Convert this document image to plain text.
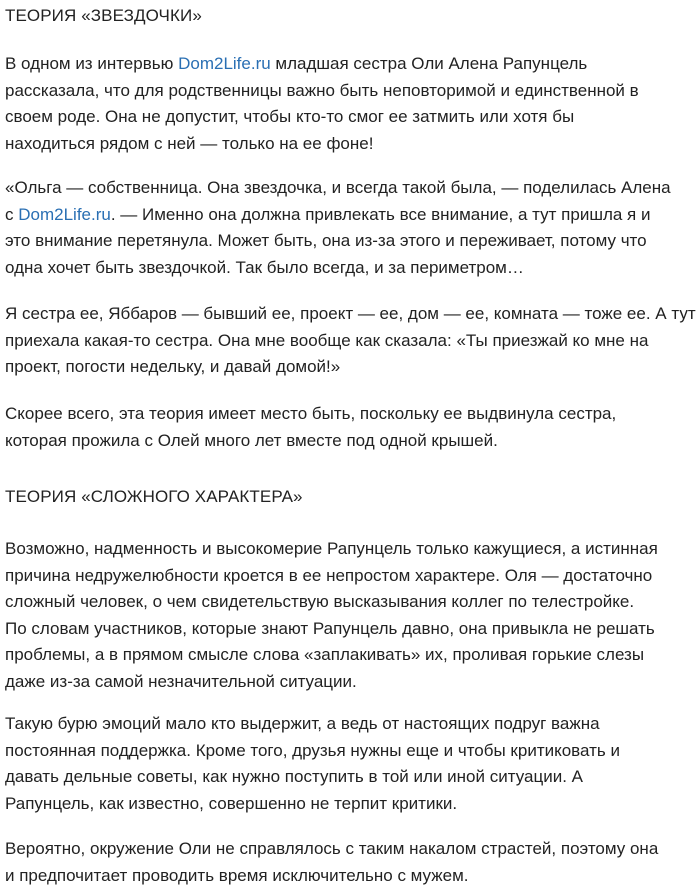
ТЕОРИЯ «ЗВЕЗДОЧКИ»

В одном из интервью Dom2Life.ru младшая сестра Оли Алена Рапунцель
рассказала, что для родственницы важно быть неповторимой и единственной в
своем роде. Она не допустит, чтобы кто-то смог ее затмить или хотя бы
находиться рядом с ней — только на ее фоне!

«Ольга — собственница. Она звездочка, и всегда такой была, — поделилась Алена
с Dom2Life.ru. — Именно она должна привлекать все внимание, а тут пришла я и
это внимание перетянула. Может быть, она из-за этого и переживает, потому что
одна хочет быть звездочкой. Так было всегда, и за периметром…

Я сестра ее, Яббаров — бывший ее, проект — ее, дом — ее, комната — тоже ее. А тут
приехала какая-то сестра. Она мне вообще как сказала: «Ты приезжай ко мне на
проект, погости недельку, и давай домой!»

Скорее всего, эта теория имеет место быть, поскольку ее выдвинула сестра,
которая прожила с Олей много лет вместе под одной крышей.

ТЕОРИЯ «СЛОЖНОГО ХАРАКТЕРА»

Возможно, надменность и высокомерие Рапунцель только кажущиеся, а истинная
причина недружелюбности кроется в ее непростом характере. Оля — достаточно
сложный человек, о чем свидетельствую высказывания коллег по телестройке.
По словам участников, которые знают Рапунцель давно, она привыкла не решать
проблемы, а в прямом смысле слова «заплакивать» их, проливая горькие слезы
даже из-за самой незначительной ситуации.

Такую бурю эмоций мало кто выдержит, а ведь от настоящих подруг важна
постоянная поддержка. Кроме того, друзья нужны еще и чтобы критиковать и
давать дельные советы, как нужно поступить в той или иной ситуации. А
Рапунцель, как известно, совершенно не терпит критики.

Вероятно, окружение Оли не справлялось с таким накалом страстей, поэтому она
и предпочитает проводить время исключительно с мужем.
